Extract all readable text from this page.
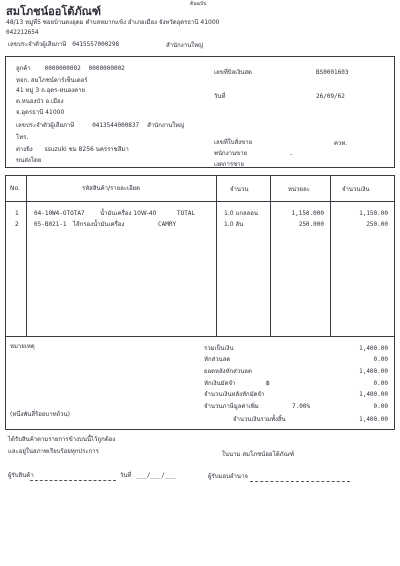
ต้นฉบับ
สมโภชน์ออโต้ภัณฑ์
48/13 หมู่ที่5 ซอยบ้านดงอุดม ตำบลหมากแข้ง อำเภอเมือง จังหวัดอุดรธานี 41000
042212654
เลขประจำตัวผู้เสียภาษี 0415557000298	สำนักงานใหญ่
ลูกค้า 0000000002 0000000002
หจก. สมโภชน์คาร์เซ็นเตอร์
41 หมู่ 3 ถ.อุดร-หนองคาย
ต.หนองบัว อ.เมือง
จ.อุดรธานี 41000
เลขประจำตัวผู้เสียภาษี	0413544000837 สำนักงานใหญ่
โทร.
ต่างยิง ssuzuki ชม 8256 นครราชสีมา
ขนส่งโดย
เลขที่บิลเงินสด	BS0001603
วันที่	26/09/62
เลขที่ใบสั่งขาย	ควท.
พนักงานขาย	-
เงตการชาย
No.	รหัสสินค้า/รายละเอียด	จำนวน	หน่วยละ	จำนวนเงิน
1	04-10W4-OTOTA7	น้ำมันเครื่อง 10W-40	TOTAL	1.0 แกลลอน	1,150.000	1,150.00
2	05-B021-1 ไส้กรองน้ำมันเครื่อง	CAMRY	1.0 ลัน	250.000	250.00
หมายเหตุ
(หนึ่งพันสี่ร้อยบาทถ้วน)
รวมเป็นเงิน	1,400.00
หักส่วนลด	0.00
ยอดหลังหักส่วนลด	1,400.00
หักเงินมัดจำ	฿	0.00
จำนวนเงินหลังหักมัดจำ	1,400.00
จำนวนภาษีมูลค่าเพิ่ม	7.00%	0.00
จำนวนเงินรวมทั้งสิ้น	1,400.00
ได้รับสินค้าตามรายการข้างบนนี้ไว้ถูกต้อง
และอยู่ในสภาพเรียบร้อยทุกประการ	ในนาม สมโภชน์ออโต้ภัณฑ์
ผู้รับสินค้า	วันที่ ___/___/___	ผู้รับมอบอำนาจ
